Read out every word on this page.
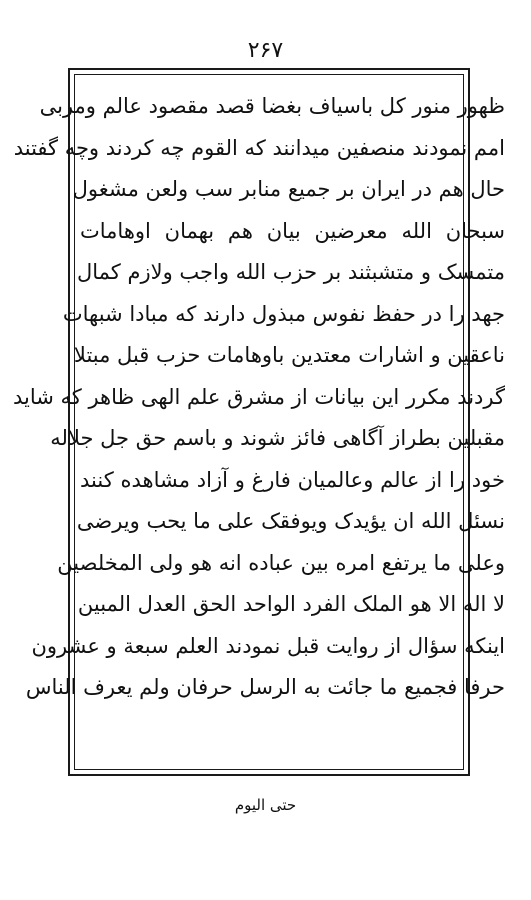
۲۶۷
ظهور منور کل باسیاف بغضا قصد مقصود عالم ومربی
امم نمودند منصفین میدانند که القوم چه کردند وچه گفتند
حال هم در ایران بر جمیع منابر سب ولعن مشغول
سبحان الله معرضین بیان هم بهمان اوهامات
متمسک و متشبثند بر حزب الله واجب ولازم کمال
جهد را در حفظ نفوس مبذول دارند که مبادا شبهات
ناعقین و اشارات معتدین باوهامات حزب قبل مبتلا
گردند مکرر این بیانات از مشرق علم الهی ظاهر که شاید
مقبلین بطراز آگاهی فائز شوند و باسم حق جل جلاله
خود را از عالم وعالمیان فارغ و آزاد مشاهده کنند
نسئل الله ان یؤیدک ویوفقک علی ما یحب ویرضی
وعلی ما یرتفع امره بین عباده انه هو ولی المخلصین
لا اله الا هو الملک الفرد الواحد الحق العدل المبین
اینکه سؤال از روایت قبل نمودند العلم سبعة و عشرون
حرفا فجمیع ما جائت به الرسل حرفان ولم یعرف الناس
حتی الیوم
